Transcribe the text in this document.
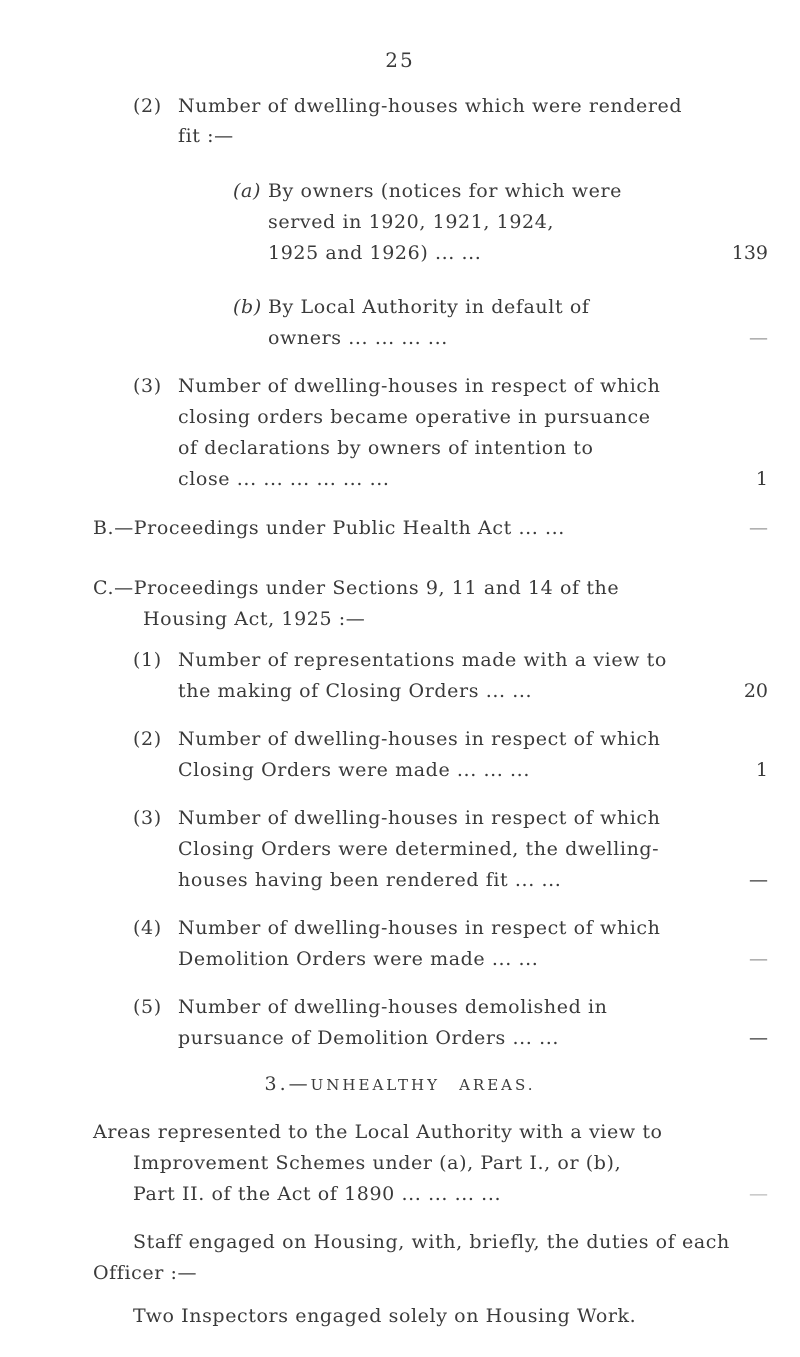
25
(2) Number of dwelling-houses which were rendered
fit :—
(a) By owners (notices for which were
served in 1920, 1921, 1924,
1925 and 1926) ... ...	139
(b) By Local Authority in default of
owners ... ... ... ...	—
(3) Number of dwelling-houses in respect of which
closing orders became operative in pursuance
of declarations by owners of intention to
close ... ... ... ... ... ...	1
B.—Proceedings under Public Health Act ... ...	—
C.—Proceedings under Sections 9, 11 and 14 of the
Housing Act, 1925 :—
(1) Number of representations made with a view to
the making of Closing Orders ... ...	20
(2) Number of dwelling-houses in respect of which
Closing Orders were made ... ... ...	1
(3) Number of dwelling-houses in respect of which
Closing Orders were determined, the dwelling-
houses having been rendered fit ... ...	—
(4) Number of dwelling-houses in respect of which
Demolition Orders were made ... ...	—
(5) Number of dwelling-houses demolished in
pursuance of Demolition Orders ... ...	—
3.—UNHEALTHY AREAS.
Areas represented to the Local Authority with a view to
Improvement Schemes under (a), Part I., or (b),
Part II. of the Act of 1890 ... ... ... ...	—
Staff engaged on Housing, with, briefly, the duties of each
Officer :—
Two Inspectors engaged solely on Housing Work.
